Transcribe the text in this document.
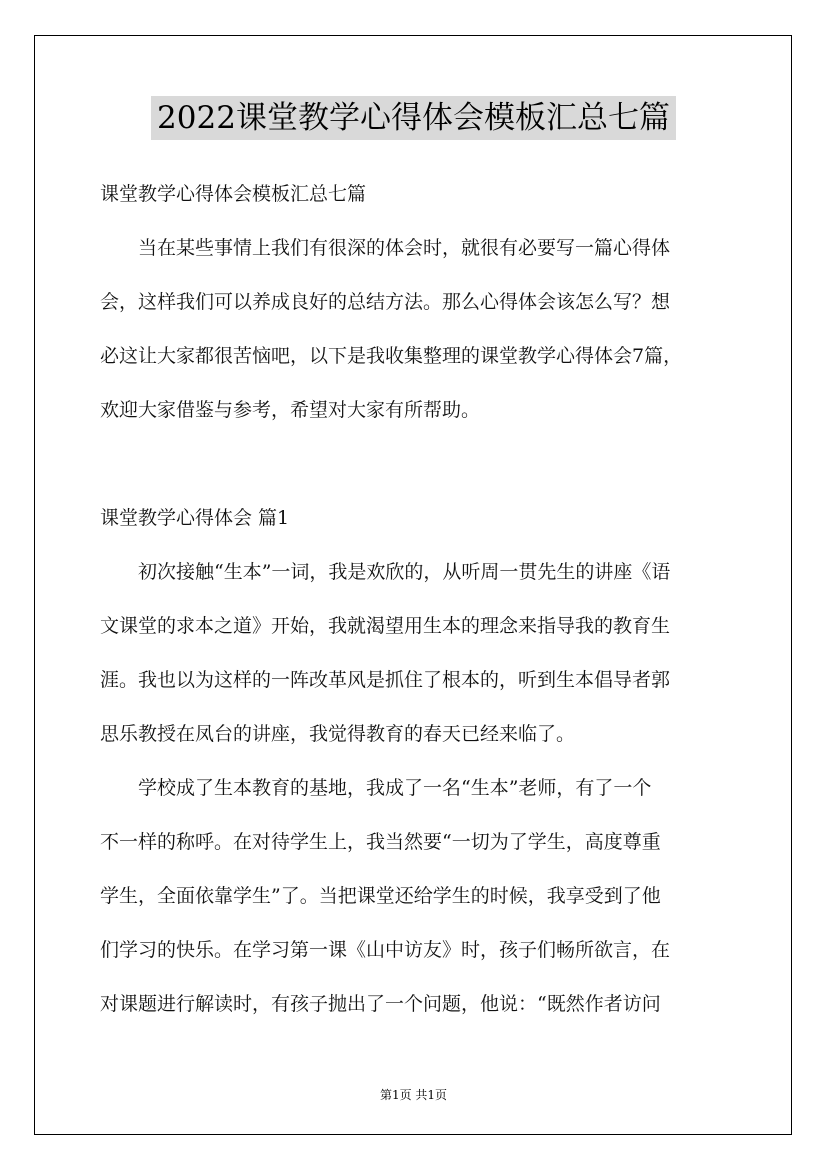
2022课堂教学心得体会模板汇总七篇
课堂教学心得体会模板汇总七篇
当在某些事情上我们有很深的体会时，就很有必要写一篇心得体
会，这样我们可以养成良好的总结方法。那么心得体会该怎么写？想
必这让大家都很苦恼吧，以下是我收集整理的课堂教学心得体会7篇，
欢迎大家借鉴与参考，希望对大家有所帮助。
课堂教学心得体会 篇1
初次接触“生本”一词，我是欢欣的，从听周一贯先生的讲座《语
文课堂的求本之道》开始，我就渴望用生本的理念来指导我的教育生
涯。我也以为这样的一阵改革风是抓住了根本的，听到生本倡导者郭
思乐教授在凤台的讲座，我觉得教育的春天已经来临了。
学校成了生本教育的基地，我成了一名“生本”老师，有了一个
不一样的称呼。在对待学生上，我当然要“一切为了学生，高度尊重
学生，全面依靠学生”了。当把课堂还给学生的时候，我享受到了他
们学习的快乐。在学习第一课《山中访友》时，孩子们畅所欲言，在
对课题进行解读时，有孩子抛出了一个问题，他说：“既然作者访问
第1页 共1页
